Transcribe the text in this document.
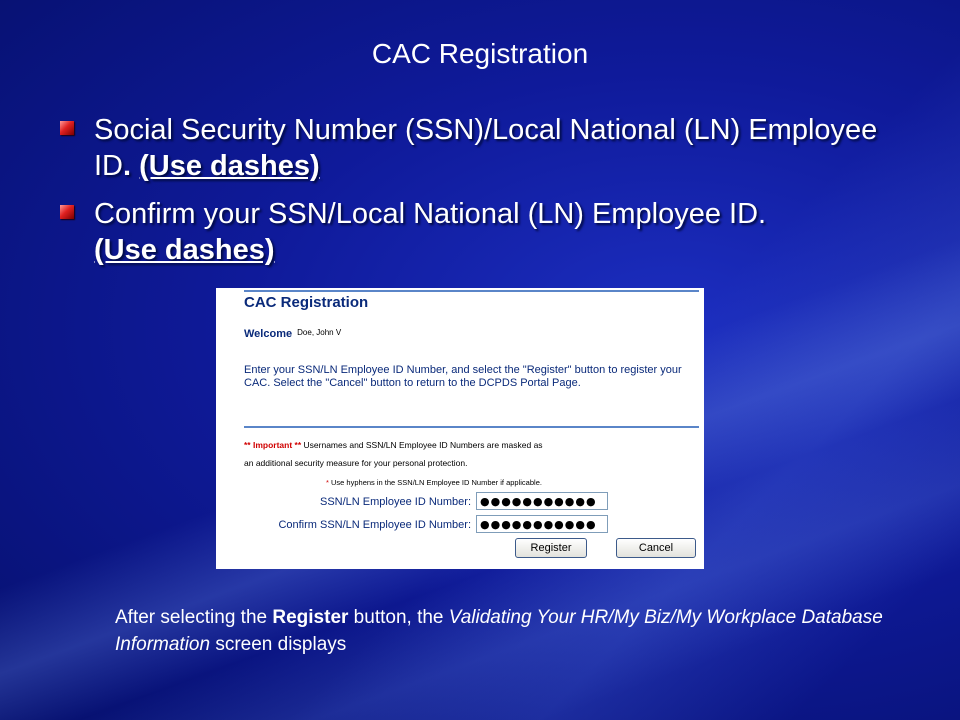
CAC Registration
Social Security Number (SSN)/Local National (LN) Employee ID. (Use dashes)
Confirm your SSN/Local National (LN) Employee ID.
(Use dashes)
CAC Registration
Welcome $^{Doe, John V}$
Enter your SSN/LN Employee ID Number, and select the "Register" button to register your CAC. Select the "Cancel" button to return to the DCPDS Portal Page.
** Important ** Usernames and SSN/LN Employee ID Numbers are masked as
an additional security measure for your personal protection.
* Use hyphens in the SSN/LN Employee ID Number if applicable.
SSN/LN Employee ID Number: ●●●●●●●●●●●
Confirm SSN/LN Employee ID Number: ●●●●●●●●●●●
Register	Cancel
After selecting the Register button, the Validating Your HR/My Biz/My Workplace Database Information screen displays
